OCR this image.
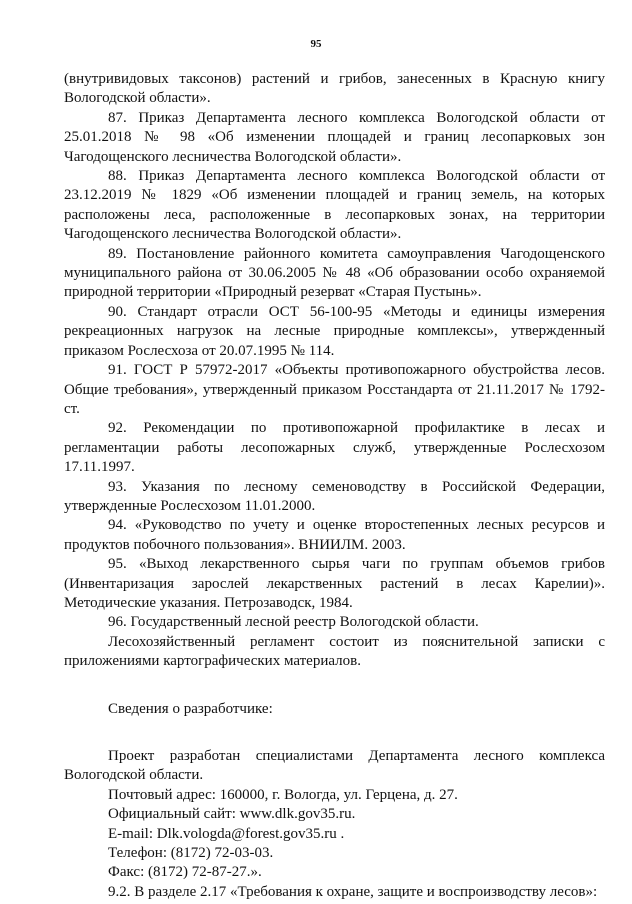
95

(внутривидовых таксонов) растений и грибов, занесенных в Красную книгу Вологодской области».

87. Приказ Департамента лесного комплекса Вологодской области от 25.01.2018 № 98 «Об изменении площадей и границ лесопарковых зон Чагодощенского лесничества Вологодской области».

88. Приказ Департамента лесного комплекса Вологодской области от 23.12.2019 № 1829 «Об изменении площадей и границ земель, на которых расположены леса, расположенные в лесопарковых зонах, на территории Чагодощенского лесничества Вологодской области».

89. Постановление районного комитета самоуправления Чагодощенского муниципального района от 30.06.2005 № 48 «Об образовании особо охраняемой природной территории «Природный резерват «Старая Пустынь».

90. Стандарт отрасли ОСТ 56-100-95 «Методы и единицы измерения рекреационных нагрузок на лесные природные комплексы», утвержденный приказом Рослесхоза от 20.07.1995 № 114.

91. ГОСТ Р 57972-2017 «Объекты противопожарного обустройства лесов. Общие требования», утвержденный приказом Росстандарта от 21.11.2017 № 1792-ст.

92. Рекомендации по противопожарной профилактике в лесах и регламентации работы лесопожарных служб, утвержденные Рослесхозом 17.11.1997.

93. Указания по лесному семеноводству в Российской Федерации, утвержденные Рослесхозом 11.01.2000.

94. «Руководство по учету и оценке второстепенных лесных ресурсов и продуктов побочного пользования». ВНИИЛМ. 2003.

95. «Выход лекарственного сырья чаги по группам объемов грибов (Инвентаризация зарослей лекарственных растений в лесах Карелии)». Методические указания. Петрозаводск, 1984.

96. Государственный лесной реестр Вологодской области.

Лесохозяйственный регламент состоит из пояснительной записки с приложениями картографических материалов.

Сведения о разработчике:

Проект разработан специалистами Департамента лесного комплекса Вологодской области.

Почтовый адрес: 160000, г. Вологда, ул. Герцена, д. 27.

Официальный сайт: www.dlk.gov35.ru.

E-mail: Dlk.vologda@forest.gov35.ru .

Телефон: (8172) 72-03-03.

Факс: (8172) 72-87-27.».

9.2. В разделе 2.17 «Требования к охране, защите и воспроизводству лесов»:
